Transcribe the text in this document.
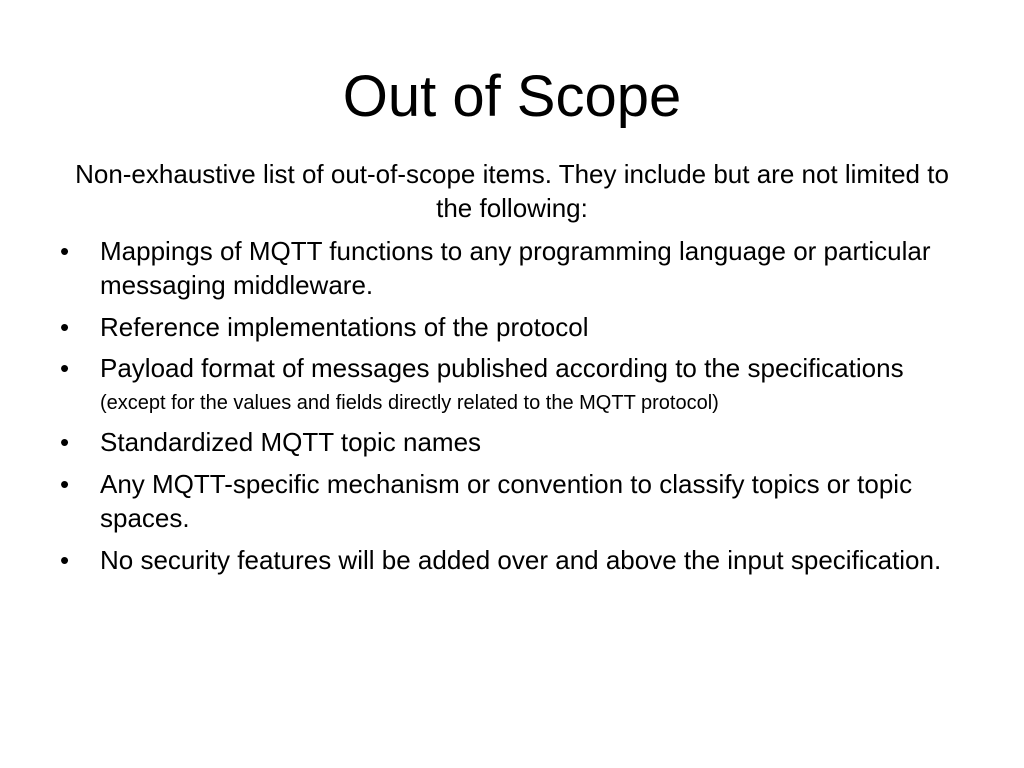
Out of Scope

Non-exhaustive list of out-of-scope items. They include but are not limited to the following:

• Mappings of MQTT functions to any programming language or particular messaging middleware.
• Reference implementations of the protocol
• Payload format of messages published according to the specifications (except for the values and fields directly related to the MQTT protocol)
• Standardized MQTT topic names
• Any MQTT-specific mechanism or convention to classify topics or topic spaces.
• No security features will be added over and above the input specification.
